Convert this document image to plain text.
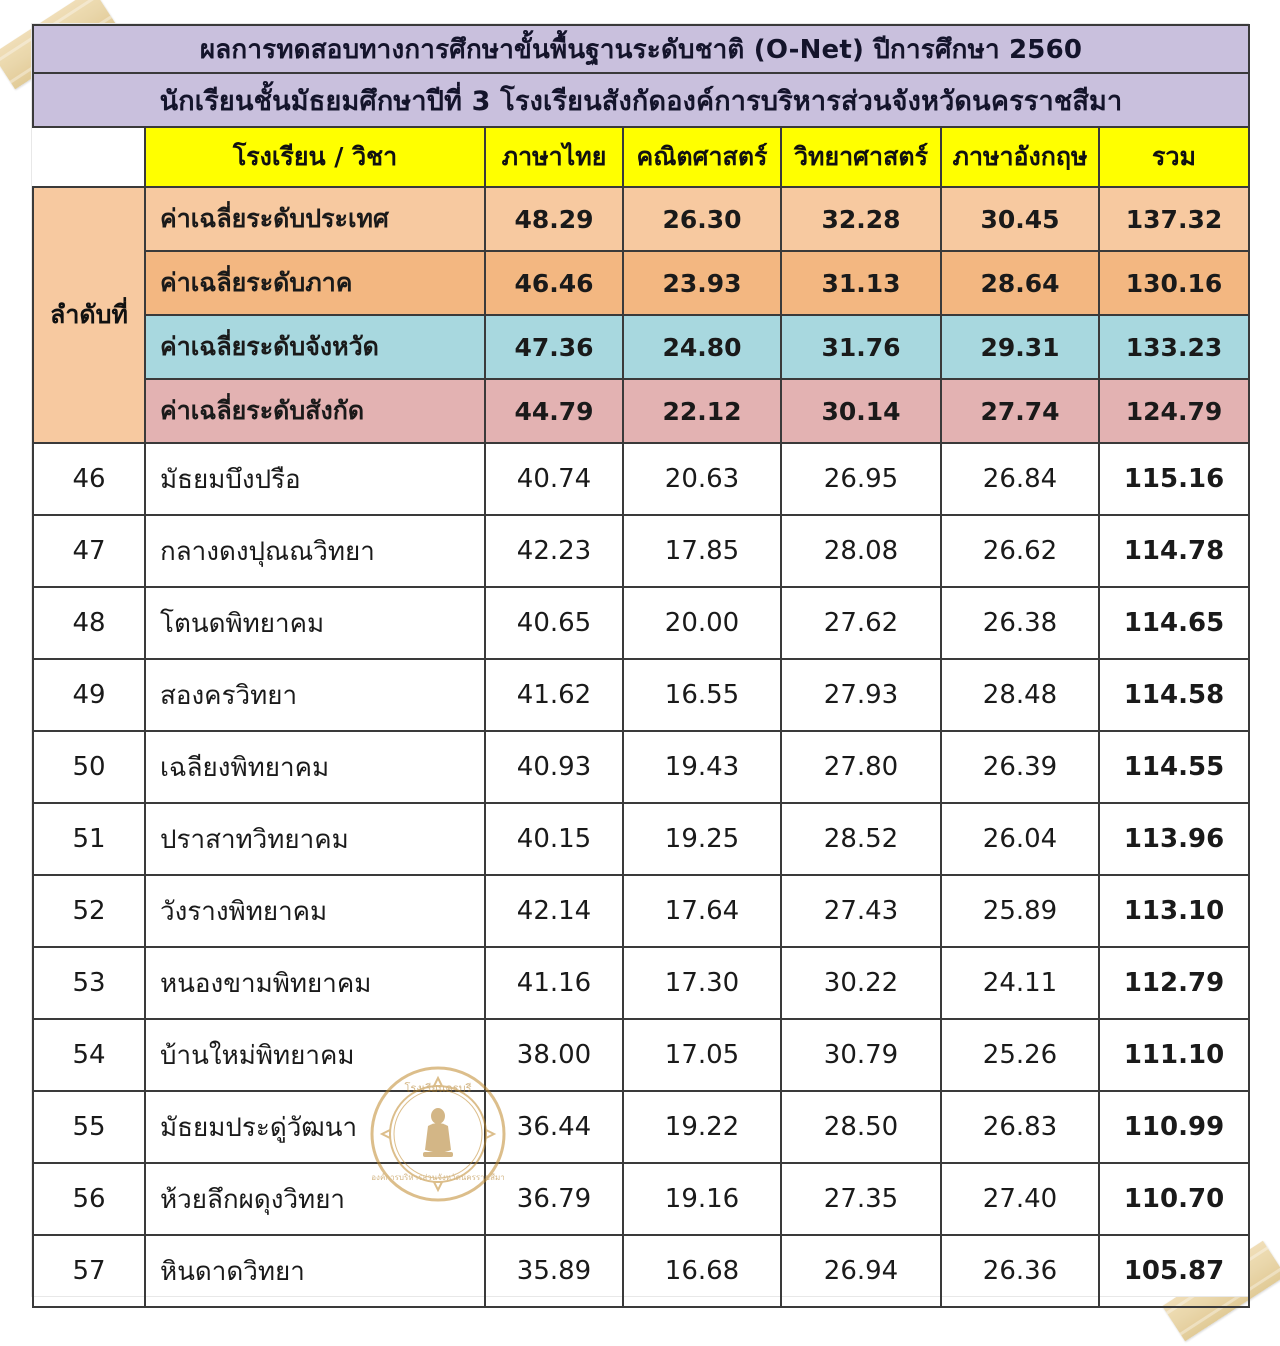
ผลการทดสอบทางการศึกษาขั้นพื้นฐานระดับชาติ (O-Net) ปีการศึกษา 2560						
นักเรียนชั้นมัธยมศึกษาปีที่ 3 โรงเรียนสังกัดองค์การบริหารส่วนจังหวัดนครราชสีมา						
	โรงเรียน / วิชา	ภาษาไทย	คณิตศาสตร์	วิทยาศาสตร์	ภาษาอังกฤษ	รวม
ลำดับที่	ค่าเฉลี่ยระดับประเทศ	48.29	26.30	32.28	30.45	137.32
	ค่าเฉลี่ยระดับภาค	46.46	23.93	31.13	28.64	130.16
	ค่าเฉลี่ยระดับจังหวัด	47.36	24.80	31.76	29.31	133.23
	ค่าเฉลี่ยระดับสังกัด	44.79	22.12	30.14	27.74	124.79
46	มัธยมบึงปรือ	40.74	20.63	26.95	26.84	115.16
47	กลางดงปุณณวิทยา	42.23	17.85	28.08	26.62	114.78
48	โตนดพิทยาคม	40.65	20.00	27.62	26.38	114.65
49	สองครวิทยา	41.62	16.55	27.93	28.48	114.58
50	เฉลียงพิทยาคม	40.93	19.43	27.80	26.39	114.55
51	ปราสาทวิทยาคม	40.15	19.25	28.52	26.04	113.96
52	วังรางพิทยาคม	42.14	17.64	27.43	25.89	113.10
53	หนองขามพิทยาคม	41.16	17.30	30.22	24.11	112.79
54	บ้านใหม่พิทยาคม	38.00	17.05	30.79	25.26	111.10
55	มัธยมประดู่วัฒนา	36.44	19.22	28.50	26.83	110.99
56	ห้วยลึกผดุงวิทยา	36.79	19.16	27.35	27.40	110.70
57	หินดาดวิทยา	35.89	16.68	26.94	26.36	105.87
โรงเรียนครบุรี
องค์การบริหารส่วนจังหวัดนครราชสีมา
